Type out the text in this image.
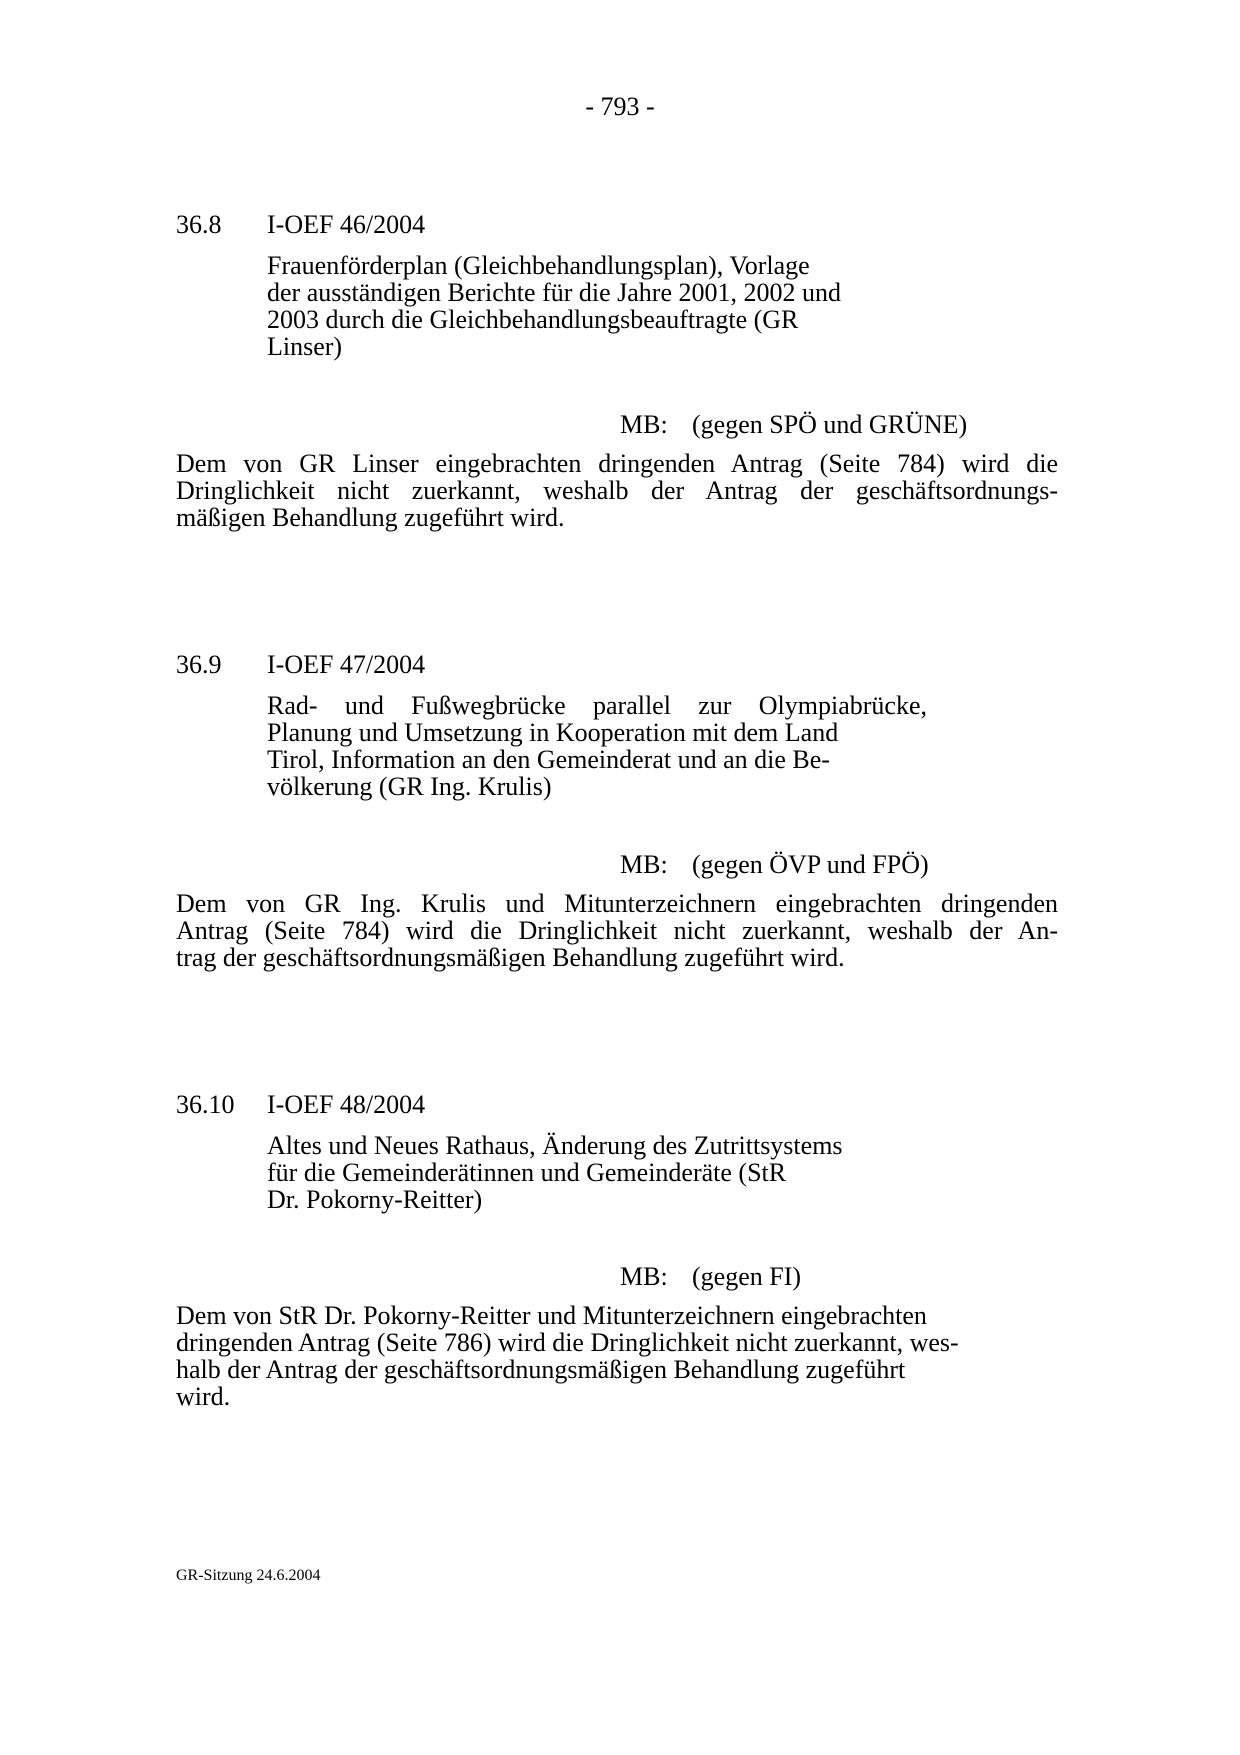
- 793 -
36.8 I-OEF 46/2004
Frauenförderplan (Gleichbehandlungsplan), Vorlage
der ausständigen Berichte für die Jahre 2001, 2002 und
2003 durch die Gleichbehandlungsbeauftragte (GR
Linser)
MB: (gegen SPÖ und GRÜNE)
Dem von GR Linser eingebrachten dringenden Antrag (Seite 784) wird die
Dringlichkeit nicht zuerkannt, weshalb der Antrag der geschäftsordnungs-
mäßigen Behandlung zugeführt wird.
36.9 I-OEF 47/2004
Rad- und Fußwegbrücke parallel zur Olympiabrücke,
Planung und Umsetzung in Kooperation mit dem Land
Tirol, Information an den Gemeinderat und an die Be-
völkerung (GR Ing. Krulis)
MB: (gegen ÖVP und FPÖ)
Dem von GR Ing. Krulis und Mitunterzeichnern eingebrachten dringenden
Antrag (Seite 784) wird die Dringlichkeit nicht zuerkannt, weshalb der An-
trag der geschäftsordnungsmäßigen Behandlung zugeführt wird.
36.10 I-OEF 48/2004
Altes und Neues Rathaus, Änderung des Zutrittsystems
für die Gemeinderätinnen und Gemeinderäte (StR
Dr. Pokorny-Reitter)
MB: (gegen FI)
Dem von StR Dr. Pokorny-Reitter und Mitunterzeichnern eingebrachten
dringenden Antrag (Seite 786) wird die Dringlichkeit nicht zuerkannt, wes-
halb der Antrag der geschäftsordnungsmäßigen Behandlung zugeführt
wird.
GR-Sitzung 24.6.2004
